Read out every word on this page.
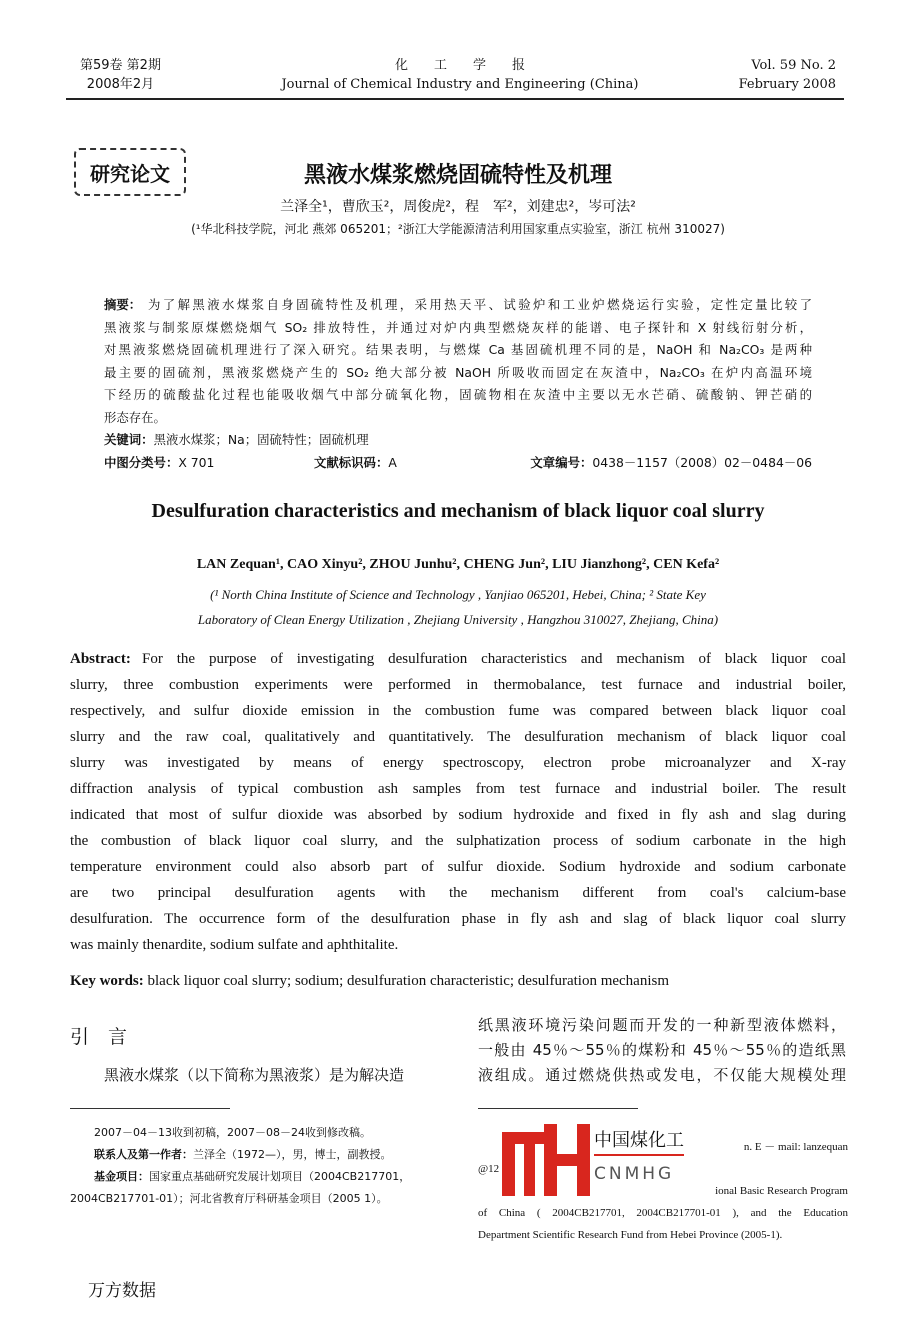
第59卷 第2期
2008年2月
化　　工　　学　　报
Journal of Chemical Industry and Engineering (China)
Vol. 59 No. 2
February 2008
研究论文	黑液水煤浆燃烧固硫特性及机理
兰泽全¹，曹欣玉²，周俊虎²，程　军²，刘建忠²，岑可法²
(¹华北科技学院，河北 燕郊 065201；²浙江大学能源清洁利用国家重点实验室，浙江 杭州 310027)
摘要： 为了解黑液水煤浆自身固硫特性及机理，采用热天平、试验炉和工业炉燃烧运行实验，定性定量比较了
黑液浆与制浆原煤燃烧烟气 SO₂ 排放特性，并通过对炉内典型燃烧灰样的能谱、电子探针和 X 射线衍射分析，
对黑液浆燃烧固硫机理进行了深入研究。结果表明，与燃煤 Ca 基固硫机理不同的是，NaOH 和 Na₂CO₃ 是两种
最主要的固硫剂，黑液浆燃烧产生的 SO₂ 绝大部分被 NaOH 所吸收而固定在灰渣中，Na₂CO₃ 在炉内高温环境
下经历的硫酸盐化过程也能吸收烟气中部分硫氧化物，固硫物相在灰渣中主要以无水芒硝、硫酸钠、钾芒硝的
形态存在。
关键词：黑液水煤浆；Na；固硫特性；固硫机理
中图分类号：X 701	文献标识码：A	文章编号：0438－1157（2008）02－0484－06
Desulfuration characteristics and mechanism of black liquor coal slurry
LAN Zequan¹, CAO Xinyu², ZHOU Junhu², CHENG Jun², LIU Jianzhong², CEN Kefa²
(¹ North China Institute of Science and Technology , Yanjiao 065201, Hebei, China; ² State Key
Laboratory of Clean Energy Utilization , Zhejiang University , Hangzhou 310027, Zhejiang, China)
Abstract: For the purpose of investigating desulfuration characteristics and mechanism of black liquor coal
slurry, three combustion experiments were performed in thermobalance, test furnace and industrial boiler,
respectively, and sulfur dioxide emission in the combustion fume was compared between black liquor coal
slurry and the raw coal, qualitatively and quantitatively. The desulfuration mechanism of black liquor coal
slurry was investigated by means of energy spectroscopy, electron probe microanalyzer and X-ray
diffraction analysis of typical combustion ash samples from test furnace and industrial boiler. The result
indicated that most of sulfur dioxide was absorbed by sodium hydroxide and fixed in fly ash and slag during
the combustion of black liquor coal slurry, and the sulphatization process of sodium carbonate in the high
temperature environment could also absorb part of sulfur dioxide. Sodium hydroxide and sodium carbonate
are two principal desulfuration agents with the mechanism different from coal's calcium-base
desulfuration. The occurrence form of the desulfuration phase in fly ash and slag of black liquor coal slurry
was mainly thenardite, sodium sulfate and aphthitalite.
Key words: black liquor coal slurry; sodium; desulfuration characteristic; desulfuration mechanism
引　言
黑液水煤浆（以下简称为黑液浆）是为解决造
纸黑液环境污染问题而开发的一种新型液体燃料，
一般由 45％～55％的煤粉和 45％～55％的造纸黑
液组成。通过燃烧供热或发电，不仅能大规模处理
2007－04－13收到初稿，2007－08－24收到修改稿。
联系人及第一作者：兰泽全（1972—），男，博士，副教授。
基金项目：国家重点基础研究发展计划项目（2004CB217701，
2004CB217701-01）；河北省教育厅科研基金项目（2005 1）。
n. E － mail: lanzequan
@12
ional Basic Research Program
of China ( 2004CB217701, 2004CB217701-01 ), and the Education
Department Scientific Research Fund from Hebei Province (2005-1).
中国煤化工
CNMHG
万方数据
